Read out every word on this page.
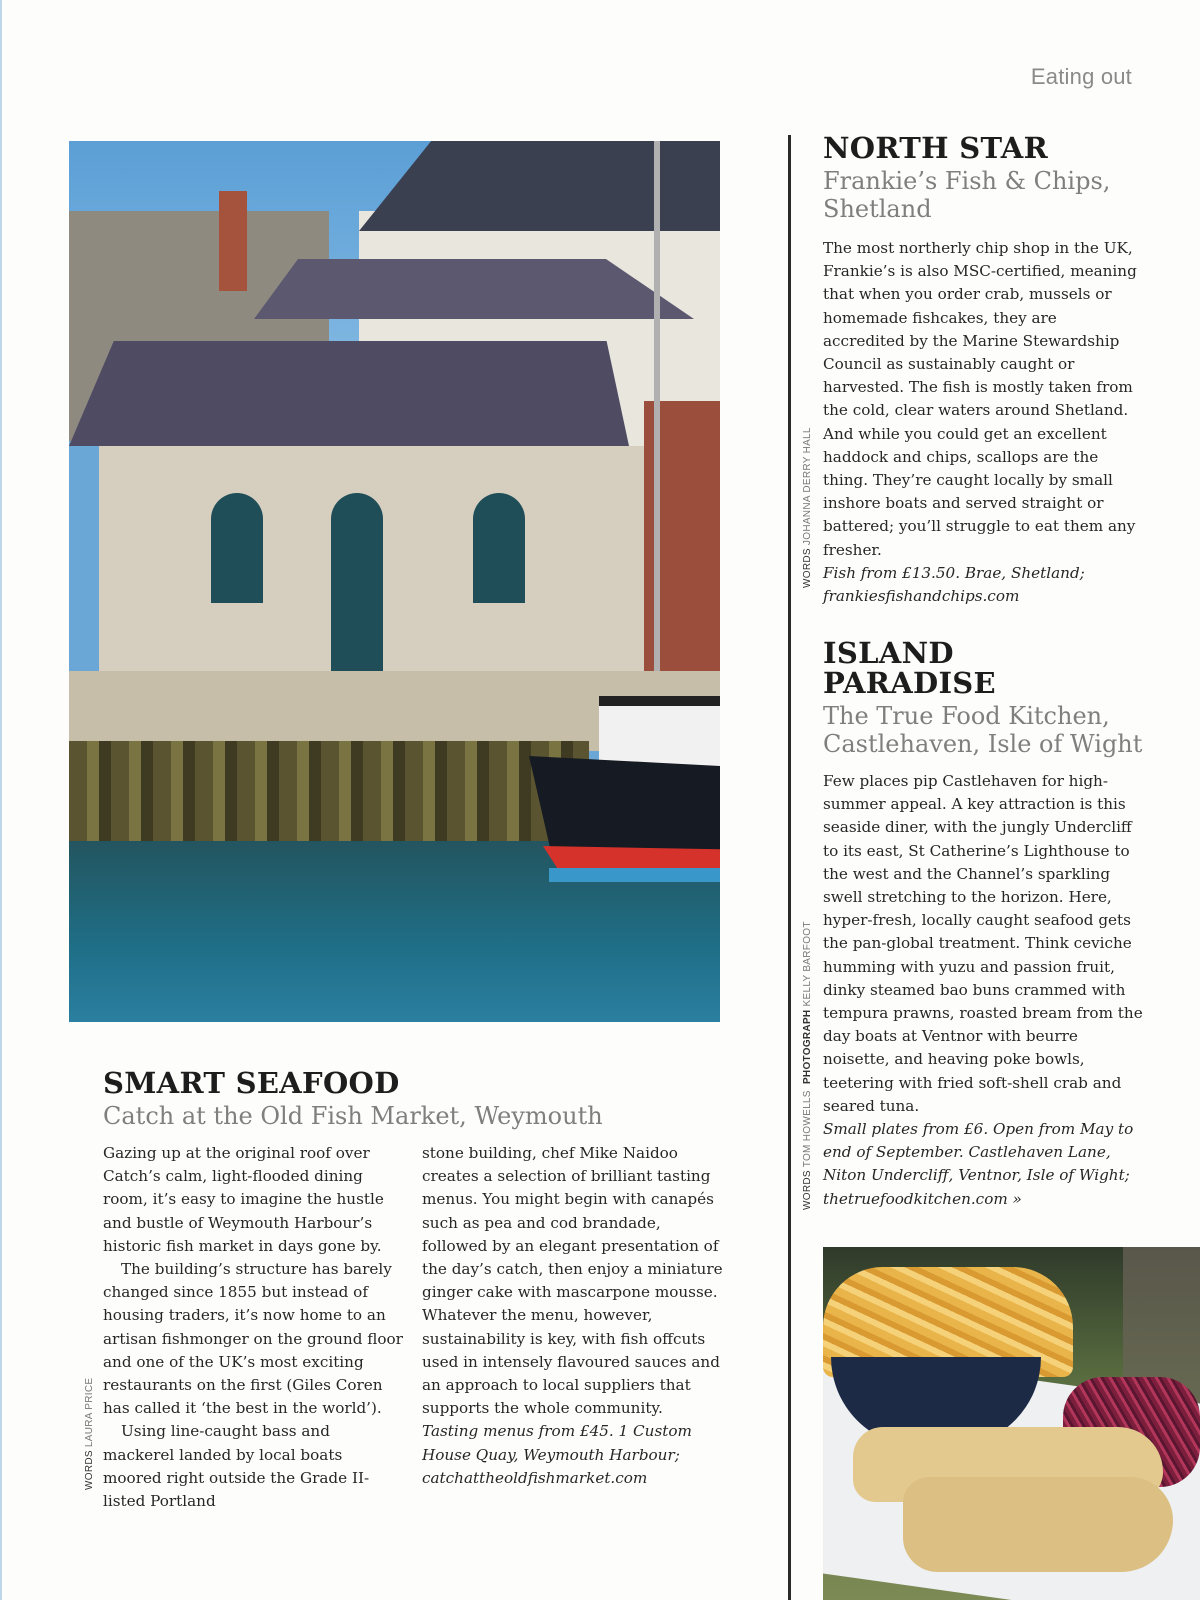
Eating out
NORTH STAR
Frankie’s Fish & Chips, Shetland

The most northerly chip shop in the UK, Frankie’s is also MSC-certified, meaning that when you order crab, mussels or homemade fishcakes, they are accredited by the Marine Stewardship Council as sustainably caught or harvested. The fish is mostly taken from the cold, clear waters around Shetland. And while you could get an excellent haddock and chips, scallops are the thing. They’re caught locally by small inshore boats and served straight or battered; you’ll struggle to eat them any fresher.

Fish from £13.50. Brae, Shetland; frankiesfishandchips.com

WORDS JOHANNA DERRY HALL
ISLAND
PARADISE
The True Food Kitchen, Castlehaven, Isle of Wight

Few places pip Castlehaven for high-summer appeal. A key attraction is this seaside diner, with the jungly Undercliff to its east, St Catherine’s Lighthouse to the west and the Channel’s sparkling swell stretching to the horizon. Here, hyper-fresh, locally caught seafood gets the pan-global treatment. Think ceviche humming with yuzu and passion fruit, dinky steamed bao buns crammed with tempura prawns, roasted bream from the day boats at Ventnor with beurre noisette, and heaving poke bowls, teetering with fried soft-shell crab and seared tuna.

Small plates from £6. Open from May to end of September. Castlehaven Lane, Niton Undercliff, Ventnor, Isle of Wight; thetruefoodkitchen.com »

WORDS TOM HOWELLS  PHOTOGRAPH KELLY BARFOOT
SMART SEAFOOD
Catch at the Old Fish Market, Weymouth

Gazing up at the original roof over Catch’s calm, light-flooded dining room, it’s easy to imagine the hustle and bustle of Weymouth Harbour’s historic fish market in days gone by.

The building’s structure has barely changed since 1855 but instead of housing traders, it’s now home to an artisan fishmonger on the ground floor and one of the UK’s most exciting restaurants on the first (Giles Coren has called it ‘the best in the world’).

Using line-caught bass and mackerel landed by local boats moored right outside the Grade II-listed Portland

stone building, chef Mike Naidoo creates a selection of brilliant tasting menus. You might begin with canapés such as pea and cod brandade, followed by an elegant presentation of the day’s catch, then enjoy a miniature ginger cake with mascarpone mousse. Whatever the menu, however, sustainability is key, with fish offcuts used in intensely flavoured sauces and an approach to local suppliers that supports the whole community.

Tasting menus from £45. 1 Custom House Quay, Weymouth Harbour; catchattheoldfishmarket.com

WORDS LAURA PRICE
